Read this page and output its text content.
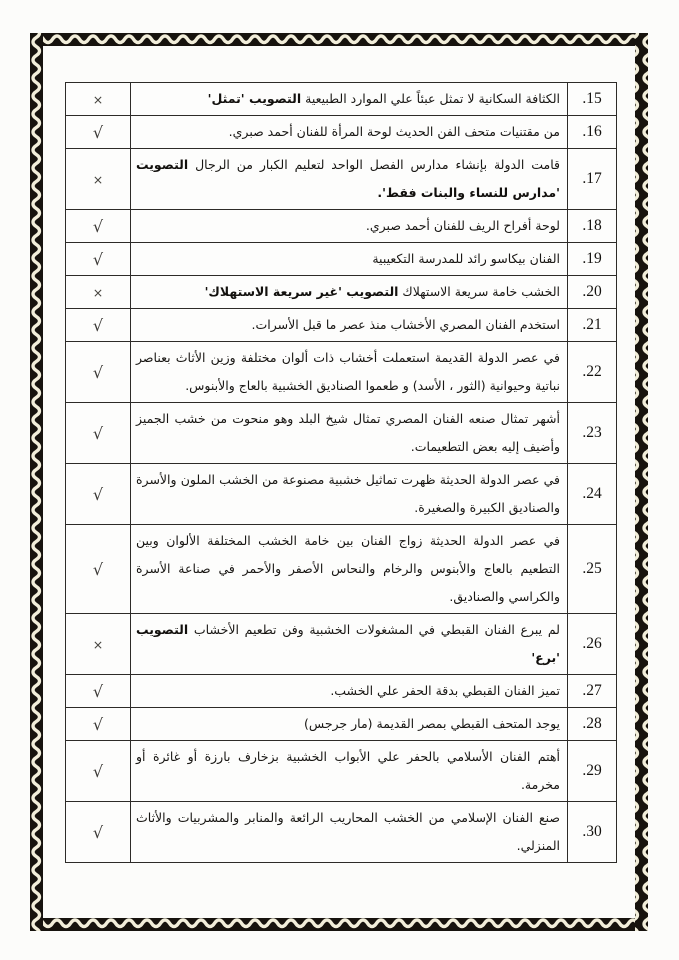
.15	الكثافة السكانية لا تمثل عبئاً علي الموارد الطبيعية التصويب 'تمثل'	×
.16	من مقتنيات متحف الفن الحديث لوحة المرأة للفنان أحمد صبري.	√
.17	قامت الدولة بإنشاء مدارس الفصل الواحد لتعليم الكبار من الرجال التصويت 'مدارس للنساء والبنات فقط'.	×
.18	لوحة أفراح الريف للفنان أحمد صبري.	√
.19	الفنان بيكاسو رائد للمدرسة التكعيبية	√
.20	الخشب خامة سريعة الاستهلاك التصويب 'غير سريعة الاستهلاك'	×
.21	استخدم الفنان المصري الأخشاب منذ عصر ما قبل الأسرات.	√
.22	في عصر الدولة القديمة استعملت أخشاب ذات ألوان مختلفة وزين الأثاث بعناصر نباتية وحيوانية (الثور ، الأسد) و طعموا الصناديق الخشبية بالعاج والأبنوس.	√
.23	أشهر تمثال صنعه الفنان المصري تمثال شيخ البلد وهو منحوت من خشب الجميز وأضيف إليه بعض التطعيمات.	√
.24	في عصر الدولة الحديثة ظهرت تماثيل خشبية مصنوعة من الخشب الملون والأسرة والصناديق الكبيرة والصغيرة.	√
.25	في عصر الدولة الحديثة زواج الفنان بين خامة الخشب المختلفة الألوان وبين التطعيم بالعاج والأبنوس والرخام والنحاس الأصفر والأحمر في صناعة الأسرة والكراسي والصناديق.	√
.26	لم يبرع الفنان القبطي في المشغولات الخشبية وفن تطعيم الأخشاب التصويب 'برع'	×
.27	تميز الفنان القبطي بدقة الحفر علي الخشب.	√
.28	يوجد المتحف القبطي بمصر القديمة (مار جرجس)	√
.29	أهتم الفنان الأسلامي بالحفر علي الأبواب الخشبية بزخارف بارزة أو غائرة أو مخرمة.	√
.30	صنع الفنان الإسلامي من الخشب المحاريب الرائعة والمنابر والمشربيات والأثاث المنزلي.	√
